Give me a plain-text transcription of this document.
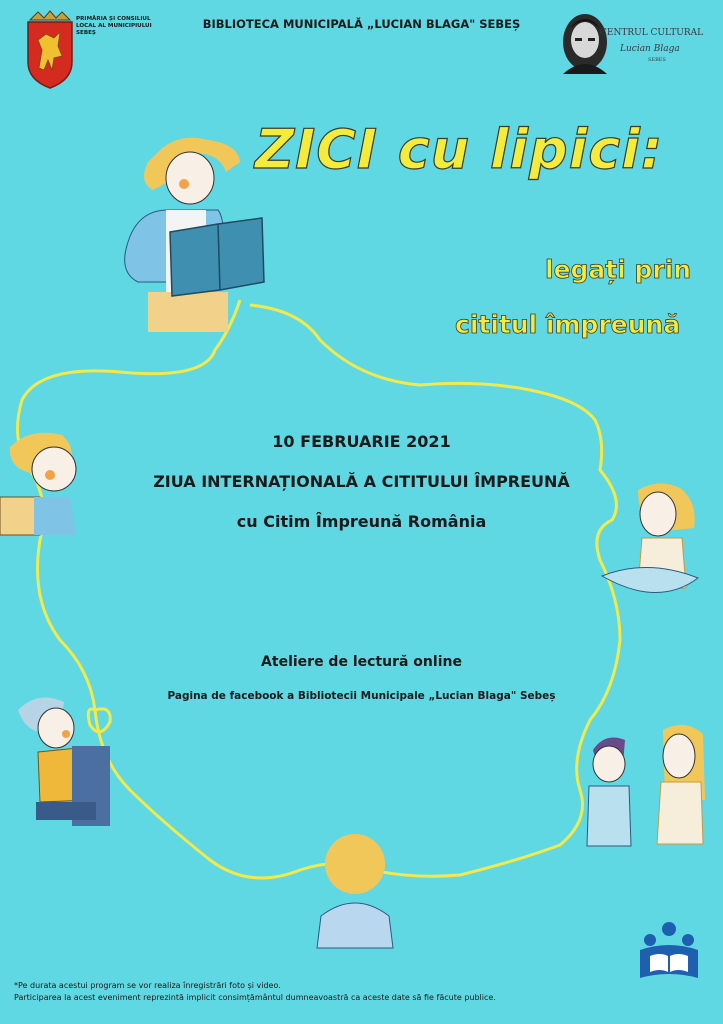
PRIMĂRIA ȘI CONSILIUL
LOCAL AL MUNICIPIULUI
SEBEȘ
BIBLIOTECA MUNICIPALĂ „LUCIAN BLAGA" SEBEȘ
CENTRUL CULTURAL
Lucian Blaga
SEBEȘ
ZICI cu lipici:
legați prin
cititul împreună
10 FEBRUARIE 2021
ZIUA INTERNAȚIONALĂ A CITITULUI ÎMPREUNĂ
cu Citim Împreună România
Ateliere de lectură online
Pagina de facebook a Bibliotecii Municipale „Lucian Blaga" Sebeș
*Pe durata acestui program se vor realiza înregistrări foto și video.
Participarea la acest eveniment reprezintă implicit consimțământul dumneavoastră ca aceste date să fie făcute publice.
